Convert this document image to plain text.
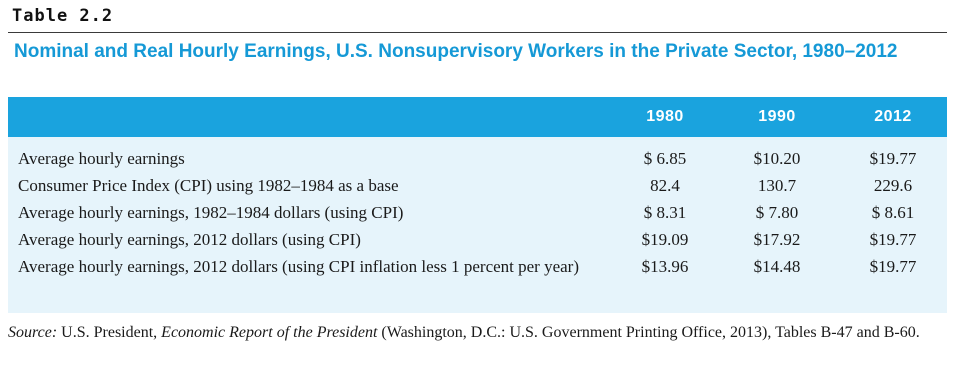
Table 2.2
Nominal and Real Hourly Earnings, U.S. Nonsupervisory Workers in the Private Sector, 1980–2012
1980	1990	2012
Average hourly earnings	$ 6.85	$10.20	$19.77
Consumer Price Index (CPI) using 1982–1984 as a base	82.4	130.7	229.6
Average hourly earnings, 1982–1984 dollars (using CPI)	$ 8.31	$ 7.80	$ 8.61
Average hourly earnings, 2012 dollars (using CPI)	$19.09	$17.92	$19.77
Average hourly earnings, 2012 dollars (using CPI inflation less 1 percent per year)	$13.96	$14.48	$19.77
Source: U.S. President, Economic Report of the President (Washington, D.C.: U.S. Government Printing Office, 2013), Tables B-47 and B-60.
